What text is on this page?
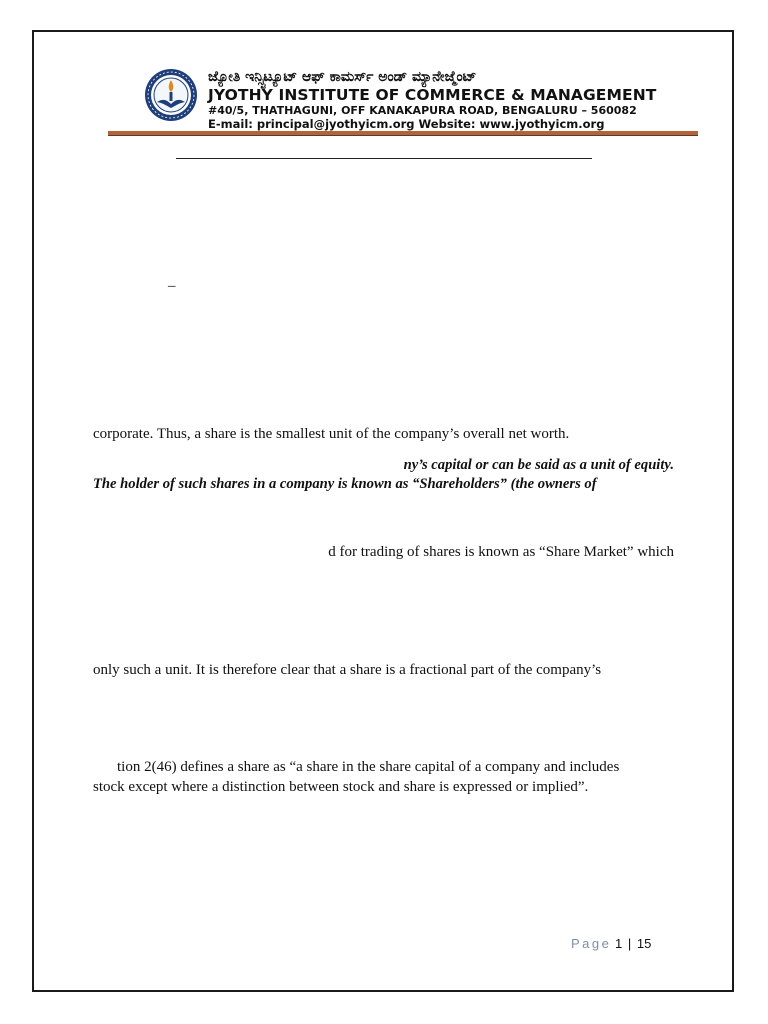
ಜ್ಯೋತಿ ಇನ್ಸ್ಟಿಟ್ಯೂಟ್ ಆಫ್ ಕಾಮರ್ಸ್ ಅಂಡ್ ಮ್ಯಾನೇಜ್ಮೆಂಟ್

JYOTHY INSTITUTE OF COMMERCE & MANAGEMENT

#40/5, THATHAGUNI, OFF KANAKAPURA ROAD, BENGALURU – 560082

E-mail: principal@jyothyicm.org Website: www.jyothyicm.org

–

corporate. Thus, a share is the smallest unit of the company’s overall net worth.

ny’s capital or can be said as a unit of equity.

The holder of such shares in a company is known as “Shareholders” (the owners of

d for trading of shares is known as “Share Market” which

only such a unit. It is therefore clear that a share is a fractional part of the company’s

tion 2(46) defines a share as “a share in the share capital of a company and includes

stock except where a distinction between stock and share is expressed or implied”.

Page 1 | 15
